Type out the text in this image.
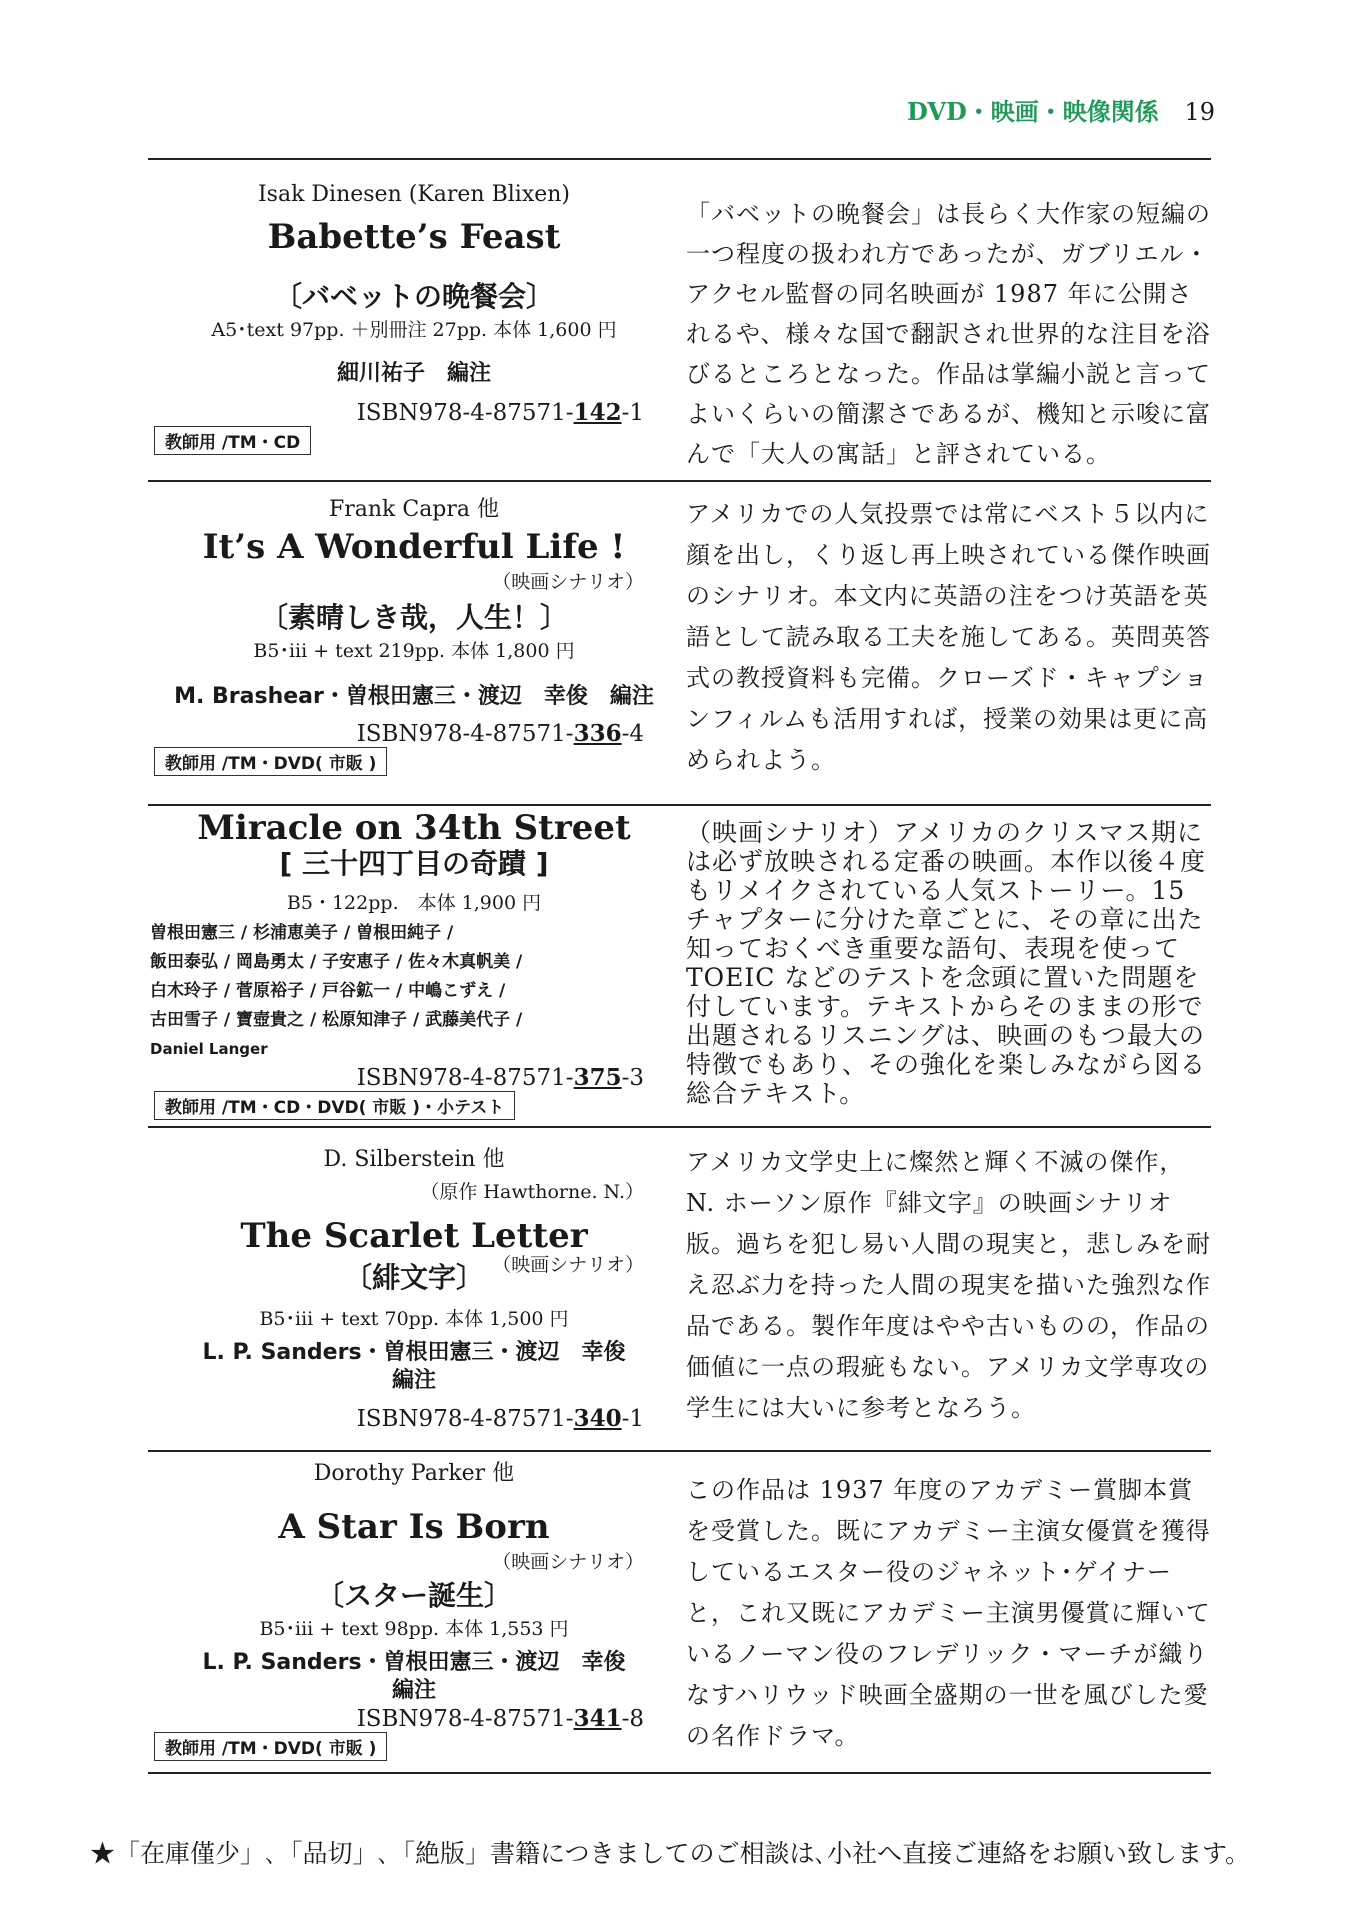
DVD・映画・映像関係 19
Isak Dinesen (Karen Blixen)
Babette’s Feast
〔バベットの晩餐会〕
A5･text 97pp. ＋別冊注 27pp. 本体 1,600 円
細川祐子　編注
ISBN978-4-87571-142-1
教師用 /TM・CD
「バベットの晩餐会」は長らく大作家の短編の一つ程度の扱われ方であったが、ガブリエル・アクセル監督の同名映画が 1987 年に公開されるや、様々な国で翻訳され世界的な注目を浴びるところとなった。作品は掌編小説と言ってよいくらいの簡潔さであるが、機知と示唆に富んで「大人の寓話」と評されている。
Frank Capra 他
It’s A Wonderful Life !
（映画シナリオ）
〔素晴しき哉，人生！〕
B5･iii + text 219pp. 本体 1,800 円
M. Brashear・曽根田憲三・渡辺　幸俊　編注
ISBN978-4-87571-336-4
教師用 /TM・DVD( 市販 )
アメリカでの人気投票では常にベスト５以内に顔を出し，くり返し再上映されている傑作映画のシナリオ。本文内に英語の注をつけ英語を英語として読み取る工夫を施してある。英問英答式の教授資料も完備。クローズド・キャプションフィルムも活用すれば，授業の効果は更に高められよう。
Miracle on 34th Street
[ 三十四丁目の奇蹟 ]
B5・122pp.　本体 1,900 円
曽根田憲三 / 杉浦恵美子 / 曽根田純子 /
飯田泰弘 / 岡島勇太 / 子安恵子 / 佐々木真帆美 /
白木玲子 / 菅原裕子 / 戸谷鉱一 / 中嶋こずえ /
古田雪子 / 寶壺貴之 / 松原知津子 / 武藤美代子 /
Daniel Langer
ISBN978-4-87571-375-3
教師用 /TM・CD・DVD( 市販 )・小テスト
（映画シナリオ）アメリカのクリスマス期には必ず放映される定番の映画。本作以後４度もリメイクされている人気ストーリー。15 チャプターに分けた章ごとに、その章に出た知っておくべき重要な語句、表現を使って TOEIC などのテストを念頭に置いた問題を付しています。テキストからそのままの形で出題されるリスニングは、映画のもつ最大の特徴でもあり、その強化を楽しみながら図る総合テキスト。
D. Silberstein 他
（原作 Hawthorne. N.）
The Scarlet Letter
〔緋文字〕 （映画シナリオ）
B5･iii + text 70pp. 本体 1,500 円
L. P. Sanders・曽根田憲三・渡辺　幸俊
編注
ISBN978-4-87571-340-1
アメリカ文学史上に燦然と輝く不滅の傑作，N. ホーソン原作『緋文字』の映画シナリオ版。過ちを犯し易い人間の現実と，悲しみを耐え忍ぶ力を持った人間の現実を描いた強烈な作品である。製作年度はやや古いものの，作品の価値に一点の瑕疵もない。アメリカ文学専攻の学生には大いに参考となろう。
Dorothy Parker 他
A Star Is Born
（映画シナリオ）
〔スター誕生〕
B5･iii + text 98pp. 本体 1,553 円
L. P. Sanders・曽根田憲三・渡辺　幸俊
編注
ISBN978-4-87571-341-8
教師用 /TM・DVD( 市販 )
この作品は 1937 年度のアカデミー賞脚本賞を受賞した。既にアカデミー主演女優賞を獲得しているエスター役のジャネット･ゲイナーと，これ又既にアカデミー主演男優賞に輝いているノーマン役のフレデリック・マーチが織りなすハリウッド映画全盛期の一世を風びした愛の名作ドラマ。
★「在庫僅少」､「品切」､「絶版」書籍につきましてのご相談は､小社へ直接ご連絡をお願い致します。
